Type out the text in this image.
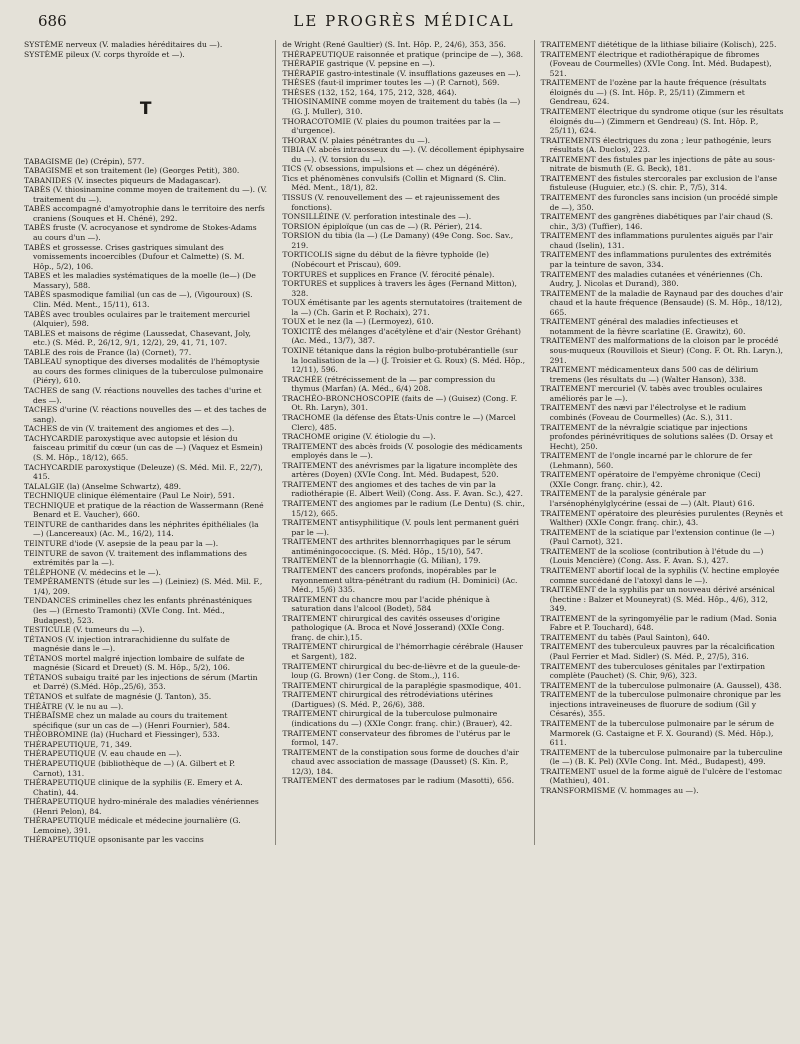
686	LE PROGRÈS MÉDICAL

SYSTÈME nerveux (V. maladies héréditaires du —).

SYSTÈME pileux (V. corps thyroïde et —).

T

TABAGISME (le) (Crépin), 577.

TABAGISME et son traitement (le) (Georges Petit), 380.

TABANIDES (V. insectes piqueurs de Madagascar).

TABÈS (V. thiosinamine comme moyen de traitement du —). (V. traitement du —).

TABÈS accompagné d'amyotrophie dans le territoire des nerfs craniens (Souques et H. Chéné), 292.

TABÈS fruste (V. acrocyanose et syndrome de Stokes-Adams au cours d'un —).

TABÈS et grossesse. Crises gastriques simulant des vomissements incoercibles (Dufour et Calmette) (S. M. Hôp., 5/2), 106.

TABES et les maladies systématiques de la moelle (le—) (De Massary), 588.

TABÈS spasmodique familial (un cas de —), (Vigouroux) (S. Clin. Méd. Ment., 15/11), 613.

TABÈS avec troubles oculaires par le traitement mercuriel (Alquier), 598.

TABLES et maisons de régime (Laussedat, Chasevant, Joly, etc.) (S. Méd. P., 26/12, 9/1, 12/2), 29, 41, 71, 107.

TABLE des rois de France (la) (Cornet), 77.

TABLEAU synoptique des diverses modalités de l'hémoptysie au cours des formes cliniques de la tuberculose pulmonaire (Piéry), 610.

TACHES de sang (V. réactions nouvelles des taches d'urine et des —).

TACHES d'urine (V. réactions nouvelles des — et des taches de sang).

TACHES de vin (V. traitement des angiomes et des —).

TACHYCARDIE paroxystique avec autopsie et lésion du faisceau primitif du cœur (un cas de —) (Vaquez et Esmein) (S. M. Hôp., 18/12), 665.

TACHYCARDIE paroxystique (Deleuze) (S. Méd. Mil. F., 22/7), 415.

TALALGIE (la) (Anselme Schwartz), 489.

TECHNIQUE clinique élémentaire (Paul Le Noir), 591.

TECHNIQUE et pratique de la réaction de Wassermann (René Benard et E. Vaucher), 660.

TEINTURE de cantharides dans les néphrites épithéliales (la —) (Lancereaux) (Ac. M., 16/2), 114.

TEINTURE d'iode (V. asepsie de la peau par la —).

TEINTURE de savon (V. traitement des inflammations des extrémités par la —).

TÉLÉPHONE (V. médecins et le —).

TEMPÉRAMENTS (étude sur les —) (Leiniez) (S. Méd. Mil. F., 1/4), 209.

TENDANCES criminelles chez les enfants phrénasténiques (les —) (Ernesto Tramonti) (XVIe Cong. Int. Méd., Budapest), 523.

TESTICULE (V. tumeurs du —).

TÉTANOS (V. injection intrarachidienne du sulfate de magnésie dans le —).

TÉTANOS mortel malgré injection lombaire de sulfate de magnésie (Sicard et Dreuet) (S. M. Hôp., 5/2), 106.

TÉTANOS subaigu traité par les injections de sérum (Martin et Darré) (S.Méd. Hôp.,25/6), 353.

TÉTANOS et sulfate de magnésie (J. Tanton), 35.

THÉÂTRE (V. le nu au —).

THÉBAÏSME chez un malade au cours du traitement spécifique (sur un cas de —) (Henri Fournier), 584.

THÉOBROMINE (la) (Huchard et Fiessinger), 533.

THÉRAPEUTIQUE, 71, 349.

THÉRAPEUTIQUE (V. eau chaude en —).

THÉRAPEUTIQUE (bibliothèque de —) (A. Gilbert et P. Carnot), 131.

THÉRAPEUTIQUE clinique de la syphilis (E. Emery et A. Chatin), 44.

THÉRAPEUTIQUE hydro-minérale des maladies vénériennes (Henri Pelon), 84.

THÉRAPEUTIQUE médicale et médecine journalière (G. Lemoine), 391.

THÉRAPEUTIQUE opsonisante par les vaccins

de Wright (René Gaultier) (S. Int. Hôp. P., 24/6), 353, 356.

THÉRAPEUTIQUE raisonnée et pratique (principe de —), 368.

THÉRAPIE gastrique (V. pepsine en —).

THÉRAPIE gastro-intestinale (V. insufflations gazeuses en —).

THÈSES (faut-il imprimer toutes les —) (P. Carnot), 569.

THÈSES (132, 152, 164, 175, 212, 328, 464).

THIOSINAMINE comme moyen de traitement du tabès (la —) (G. J. Muller), 310.

THORACOTOMIE (V. plaies du poumon traitées par la — d'urgence).

THORAX (V. plaies pénétrantes du —).

TIBIA (V. abcès intraosseux du —). (V. décollement épiphysaire du —). (V. torsion du —).

TICS (V. obsessions, impulsions et — chez un dégénéré).

Tics et phénomènes convulsifs (Collin et Mignard (S. Clin. Méd. Ment., 18/1), 82.

TISSUS (V. renouvellement des — et rajeunissement des fonctions).

TONSILLÉINE (V. perforation intestinale des —).

TORSION épiploïque (un cas de —) (R. Périer), 214.

TORSION du tibia (la —) (Le Damany) (49e Cong. Soc. Sav., 219.

TORTICOLIS signe du début de la fièvre typhoïde (le) (Nobécourt et Priscau), 609.

TORTURES et supplices en France (V. férocité pénale).

TORTURES et supplices à travers les âges (Fernand Mitton), 328.

TOUX émétisante par les agents sternutatoires (traitement de la —) (Ch. Garin et P. Rochaix), 271.

TOUX et le nez (la —) (Lermoyez), 610.

TOXICITÉ des mélanges d'acétylène et d'air (Nestor Gréhant) (Ac. Méd., 13/7), 387.

TOXINE tétanique dans la région bulbo-protubérantielle (sur la localisation de la —) (J. Troisier et G. Roux) (S. Méd. Hôp., 12/11), 596.

TRACHÉE (rétrécissement de la — par compression du thymus (Marfan) (A. Méd., 6/4) 208.

TRACHÉO-BRONCHOSCOPIE (faits de —) (Guisez) (Cong. F. Ot. Rh. Laryn), 301.

TRACHOME (la défense des États-Unis contre le —) (Marcel Clerc), 485.

TRACHOME origine (V. étiologie du —).

TRAITEMENT des abcès froids (V. posologie des médicaments employés dans le —).

TRAITEMENT des anévrismes par la ligature incomplète des artères (Doyen) (XVIe Cong. Int. Méd. Budapest, 520.

TRAITEMENT des angiomes et des taches de vin par la radiothérapie (E. Albert Weil) (Cong. Ass. F. Avan. Sc.), 427.

TRAITEMENT des angiomes par le radium (Le Dentu) (S. chir., 15/12), 665.

TRAITEMENT antisyphilitique (V. pouls lent permanent guéri par le —).

TRAITEMENT des arthrites blennorrhagiques par le sérum antiméningococcique. (S. Méd. Hôp., 15/10), 547.

TRAITEMENT de la blennorrhagie (G. Milian), 179.

TRAITEMENT des cancers profonds, inopérables par le rayonnement ultra-pénétrant du radium (H. Dominici) (Ac. Méd., 15/6) 335.

TRAITEMENT du chancre mou par l'acide phénique à saturation dans l'alcool (Bodet), 584

TRAITEMENT chirurgical des cavités osseuses d'origine pathologique (A. Broca et Nové Josserand) (XXIe Cong. franç. de chir.),15.

TRAITEMENT chirurgical de l'hémorrhagie cérébrale (Hauser et Sargent), 182.

TRAITEMENT chirurgical du bec-de-lièvre et de la gueule-de-loup (G. Brown) (1er Cong. de Stom.,), 116.

TRAITEMENT chirurgical de la paraplégie spasmodique, 401.

TRAITEMENT chirurgical des rétrodéviations utérines (Dartigues) (S. Méd. P., 26/6), 388.

TRAITEMENT chirurgical de la tuberculose pulmonaire (indications du —) (XXIe Congr. franç. chir.) (Brauer), 42.

TRAITEMENT conservateur des fibromes de l'utérus par le formol, 147.

TRAITEMENT de la constipation sous forme de douches d'air chaud avec association de massage (Dausset) (S. Kin. P., 12/3), 184.

TRAITEMENT des dermatoses par le radium (Masotti), 656.

TRAITEMENT diététique de la lithiase biliaire (Kolisch), 225.

TRAITEMENT électrique et radiothérapique de fibromes (Foveau de Courmelles) (XVIe Cong. Int. Méd. Budapest), 521.

TRAITEMENT de l'ozène par la haute fréquence (résultats éloignés du —) (S. Int. Hôp. P., 25/11) (Zimmern et Gendreau, 624.

TRAITEMENT électrique du syndrome otique (sur les résultats éloignés du—) (Zimmern et Gendreau) (S. Int. Hôp. P., 25/11), 624.

TRAITEMENTS électriques du zona ; leur pathogénie, leurs résultats (A. Duclos), 223.

TRAITEMENT des fistules par les injections de pâte au sous-nitrate de bismuth (E. G. Beck), 181.

TRAITEMENT des fistules stercorales par exclusion de l'anse fistuleuse (Huguier, etc.) (S. chir. P., 7/5), 314.

TRAITEMENT des furoncles sans incision (un procédé simple de —), 350.

TRAITEMENT des gangrènes diabétiques par l'air chaud (S. chir., 3/3) (Tuffier), 146.

TRAITEMENT des inflammations purulentes aiguës par l'air chaud (Iselin), 131.

TRAITEMENT des inflammations purulentes des extrémités par la teinture de savon, 334.

TRAITEMENT des maladies cutanées et vénériennes (Ch. Audry, J. Nicolas et Durand), 380.

TRAITEMENT de la maladie de Raynaud par des douches d'air chaud et la haute fréquence (Bensaude) (S. M. Hôp., 18/12), 665.

TRAITEMENT général des maladies infectieuses et notamment de la fièvre scarlatine (E. Grawitz), 60.

TRAITEMENT des malformations de la cloison par le procédé sous-muqueux (Rouvillois et Sieur) (Cong. F. Ot. Rh. Laryn.), 291.

TRAITEMENT médicamenteux dans 500 cas de délirium tremens (les résultats du —) (Walter Hanson), 338.

TRAITEMENT mercuriel (V. tabès avec troubles oculaires améliorés par le —).

TRAITEMENT des nævi par l'électrolyse et le radium combinés (Foveau de Courmelles) (Ac. S.), 311.

TRAITEMENT de la névralgie sciatique par injections profondes périnévritiques de solutions salées (D. Orsay et Hecht), 250.

TRAITEMENT de l'ongle incarné par le chlorure de fer (Lehmann), 560.

TRAITEMENT opératoire de l'empyème chronique (Ceci) (XXIe Congr. franç. chir.), 42.

TRAITEMENT de la paralysie générale par l'arsénophénylglycérine (essai de —) (Alt. Plaut) 616.

TRAITEMENT opératoire des pleurésies purulentes (Reynès et Walther) (XXIe Congr. franç. chir.), 43.

TRAITEMENT de la sciatique par l'extension continue (le —) (Paul Carnot), 321.

TRAITEMENT de la scoliose (contribution à l'étude du —) (Louis Mencière) (Cong. Ass. F. Avan. S.), 427.

TRAITEMENT abortif local de la syphilis (V. hectine employée comme succédané de l'atoxyl dans le —).

TRAITEMENT de la syphilis par un nouveau dérivé arsénical (hectine : Balzer et Mouneyrat) (S. Méd. Hôp., 4/6), 312, 349.

TRAITEMENT de la syringomyélie par le radium (Mad. Sonia Fabre et P. Touchard), 648.

TRAITEMENT du tabès (Paul Sainton), 640.

TRAITEMENT des tuberculeux pauvres par la récalcification (Paul Ferrier et Mad. Sidler) (S. Méd. P., 27/5), 316.

TRAITEMENT des tuberculoses génitales par l'extirpation complète (Pauchet) (S. Chir, 9/6), 323.

TRAITEMENT de la tuberculose pulmonaire (A. Gaussel), 438.

TRAITEMENT de la tuberculose pulmonaire chronique par les injections intraveineuses de fluorure de sodium (Gil y Césarés), 355.

TRAITEMENT de la tuberculose pulmonaire par le sérum de Marmorek (G. Castaigne et F. X. Gourand) (S. Méd. Hôp.), 611.

TRAITEMENT de la tuberculose pulmonaire par la tuberculine (le —) (B. K. Pel) (XVIe Cong. Int. Méd., Budapest), 499.

TRAITEMENT usuel de la forme aiguë de l'ulcère de l'estomac (Mathieu), 401.

TRANSFORMISME (V. hommages au —).
